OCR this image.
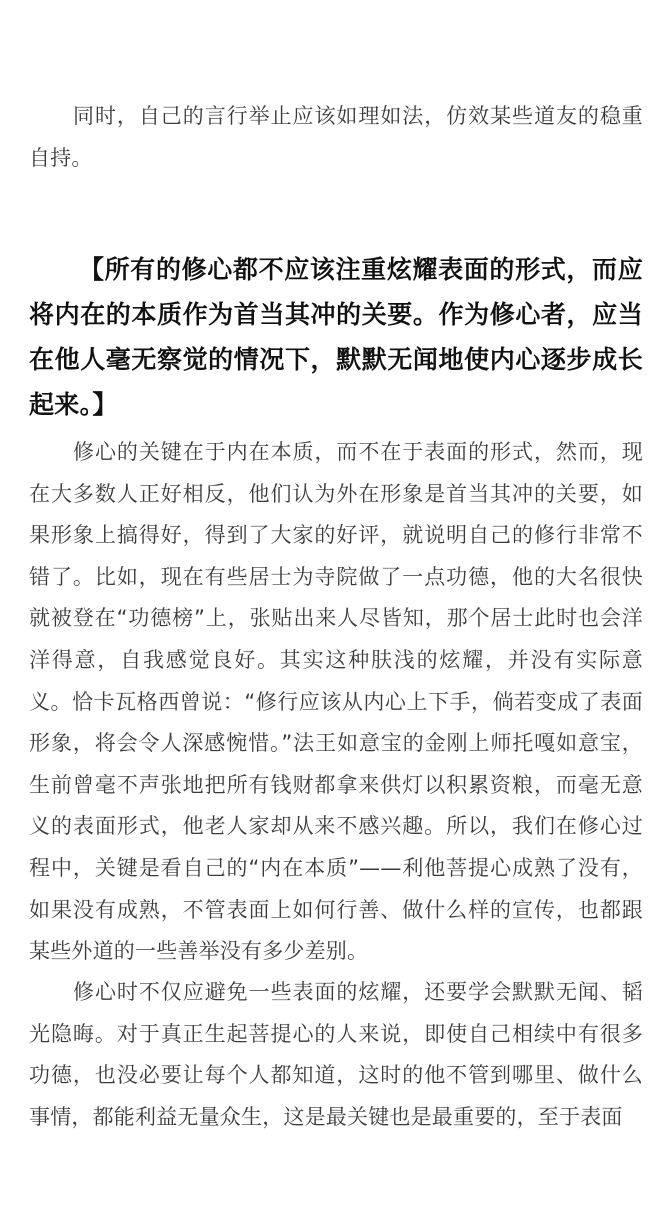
同时，自己的言行举止应该如理如法，仿效某些道友的稳重自持。

【所有的修心都不应该注重炫耀表面的形式，而应将内在的本质作为首当其冲的关要。作为修心者，应当在他人毫无察觉的情况下，默默无闻地使内心逐步成长起来。】

修心的关键在于内在本质，而不在于表面的形式，然而，现在大多数人正好相反，他们认为外在形象是首当其冲的关要，如果形象上搞得好，得到了大家的好评，就说明自己的修行非常不错了。比如，现在有些居士为寺院做了一点功德，他的大名很快就被登在“功德榜”上，张贴出来人尽皆知，那个居士此时也会洋洋得意，自我感觉良好。其实这种肤浅的炫耀，并没有实际意义。恰卡瓦格西曾说：“修行应该从内心上下手，倘若变成了表面形象，将会令人深感惋惜。”法王如意宝的金刚上师托嘎如意宝，生前曾毫不声张地把所有钱财都拿来供灯以积累资粮，而毫无意义的表面形式，他老人家却从来不感兴趣。所以，我们在修心过程中，关键是看自己的“内在本质”——利他菩提心成熟了没有，如果没有成熟，不管表面上如何行善、做什么样的宣传，也都跟某些外道的一些善举没有多少差别。

修心时不仅应避免一些表面的炫耀，还要学会默默无闻、韬光隐晦。对于真正生起菩提心的人来说，即使自己相续中有很多功德，也没必要让每个人都知道，这时的他不管到哪里、做什么事情，都能利益无量众生，这是最关键也是最重要的，至于表面
